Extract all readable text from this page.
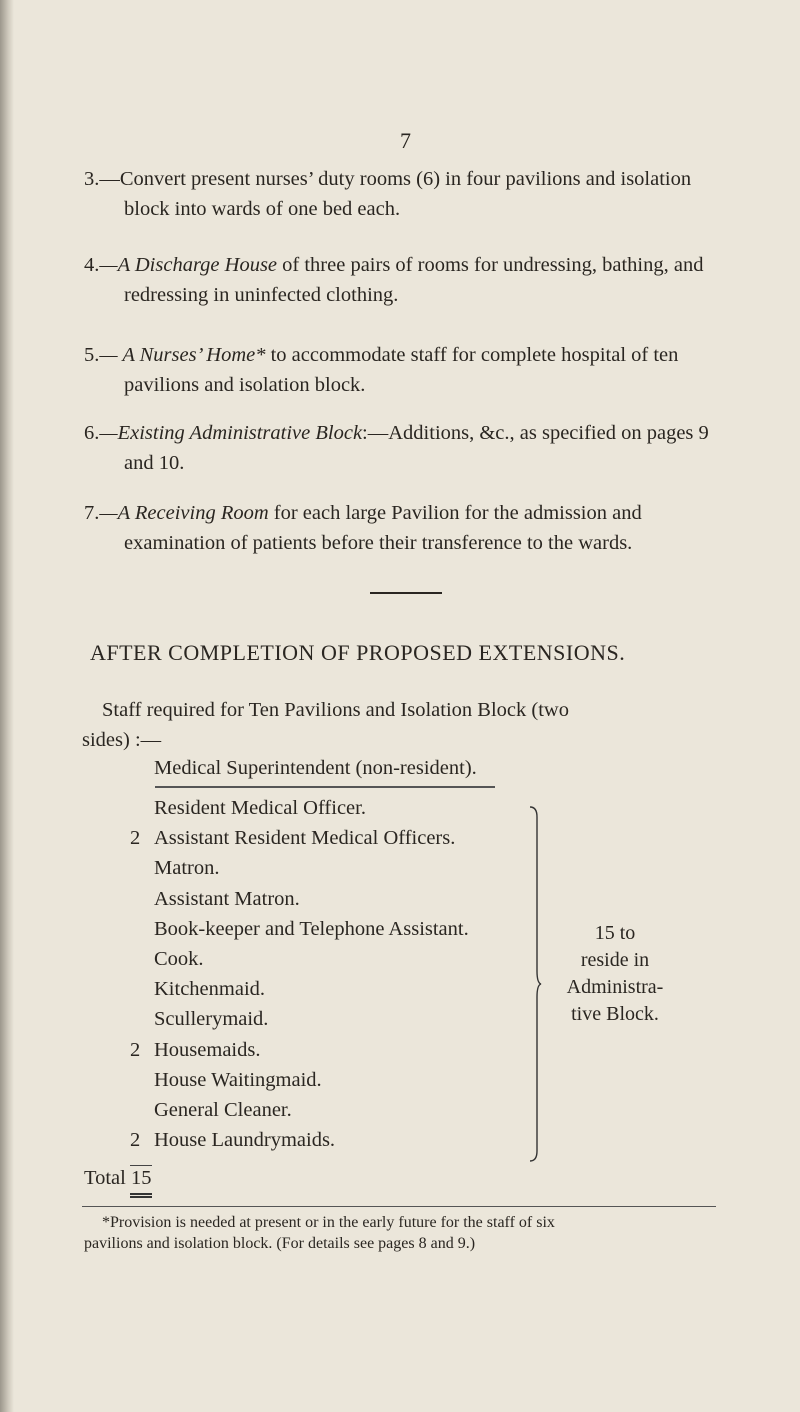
7
3.—Convert present nurses’ duty rooms (6) in four pavilions and isolation block into wards of one bed each.
4.—A Discharge House of three pairs of rooms for undressing, bathing, and redressing in uninfected clothing.
5.— A Nurses’ Home* to accommodate staff for complete hospital of ten pavilions and isolation block.
6.—Existing Administrative Block:—Additions, &c., as specified on pages 9 and 10.
7.—A Receiving Room for each large Pavilion for the admission and examination of patients before their transference to the wards.
AFTER COMPLETION OF PROPOSED EXTENSIONS.
Staff required for Ten Pavilions and Isolation Block (two
sides) :—
Medical Superintendent (non-resident).
Resident Medical Officer.
2 Assistant Resident Medical Officers.
Matron.
Assistant Matron.
Book-keeper and Telephone Assistant.
Cook.
Kitchenmaid.
Scullerymaid.
2 Housemaids.
House Waitingmaid.
General Cleaner.
2 House Laundrymaids.
15 to
reside in
Administra-
tive Block.
Total 15
*Provision is needed at present or in the early future for the staff of six
pavilions and isolation block. (For details see pages 8 and 9.)
